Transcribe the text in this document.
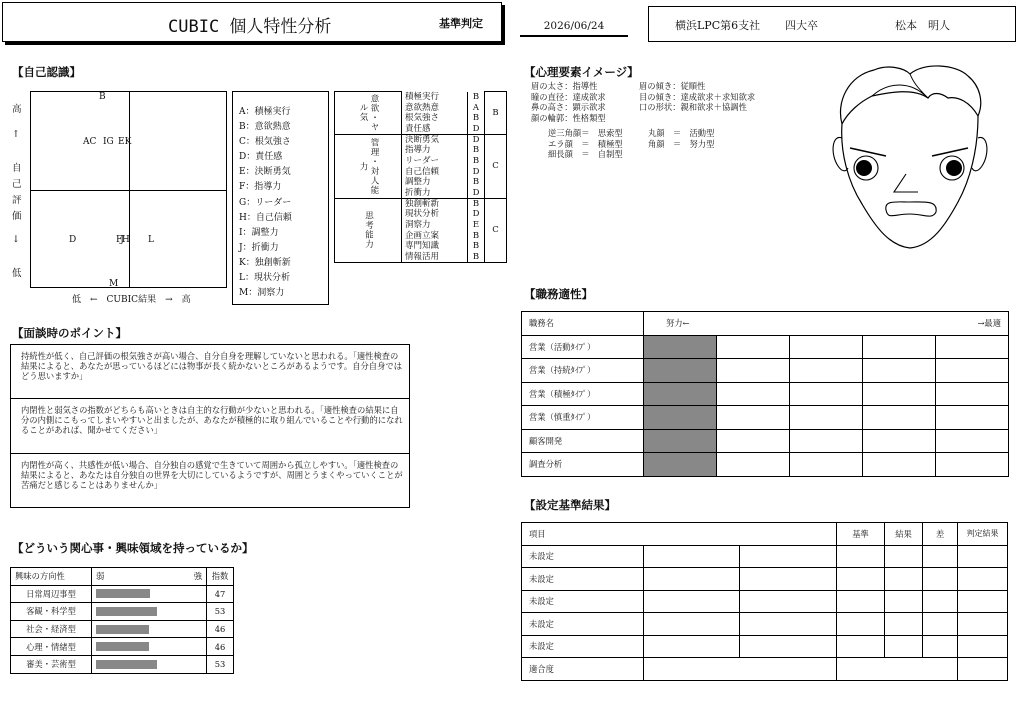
CUBIC 個人特性分析	基準判定	2026/06/24	横浜LPC第6支社 四大卒	松本　明人
【自己認識】
高
↑
自
己
評
価
↓
低
B
AC IG EK
D	FJH L
M
低　←　CUBIC結果　→　高
A：積極実行
B：意欲熱意
C：根気強さ
D：責任感
E：決断勇気
F：指導力
G：リーダー
H：自己信頼
I：調整力
J：折衝力
K：独創斬新
L：現状分析
M：洞察力
意欲・ヤル気	積極実行	B	B
	意欲熱意	A	
	根気強さ	B	
	責任感	D	
管理・対人能力	決断勇気	D	C
	指導力	B	
	リーダー	B	
	自己信頼	D	
	調整力	B	
	折衝力	D	
思考能力	独創斬新	B	C
	現状分析	D	
	洞察力	E	
	企画立案	B	
	専門知識	B	
	情報活用	B	
【面談時のポイント】
持続性が低く、自己評価の根気強さが高い場合、自分自身を理解していないと思われる。「適性検査の結果によると、あなたが思っているほどには物事が長く続かないところがあるようです。自分自身ではどう思いますか」
内閉性と弱気さの指数がどちらも高いときは自主的な行動が少ないと思われる。「適性検査の結果に自分の内側にこもってしまいやすいと出ましたが、あなたが積極的に取り組んでいることや行動的になれることがあれば、聞かせてください」
内閉性が高く、共感性が低い場合、自分独自の感覚で生きていて周囲から孤立しやすい。「適性検査の結果によると、あなたは自分独自の世界を大切にしているようですが、周囲とうまくやっていくことが苦痛だと感じることはありませんか」
【どういう関心事・興味領域を持っているか】
興味の方向性	弱	強	指数
日常周辺事型			47
客観・科学型			53
社会・経済型			46
心理・情緒型			46
審美・芸術型			53
【心理要素イメージ】
眉の太さ：指導性
瞳の直径：達成欲求
鼻の高さ：顕示欲求
顔の輪郭：性格類型
眉の傾き：従順性
目の傾き：達成欲求＋求知欲求
口の形状：親和欲求＋協調性
逆三角顔＝　思索型	丸顔　＝　活動型
エラ顔　＝　積極型	角顔　＝　努力型
細長顔　＝　自制型
【職務適性】
職務名	努力← →最適				

営業（活動ﾀｲﾌﾟ）					
営業（持続ﾀｲﾌﾟ）					
営業（積極ﾀｲﾌﾟ）					
営業（慎重ﾀｲﾌﾟ）					
顧客開発					
調査分析					
【設定基準結果】
項目			基準	結果	差	判定結果
未設定						
未設定						
未設定						
未設定						
未設定						
適合度						
